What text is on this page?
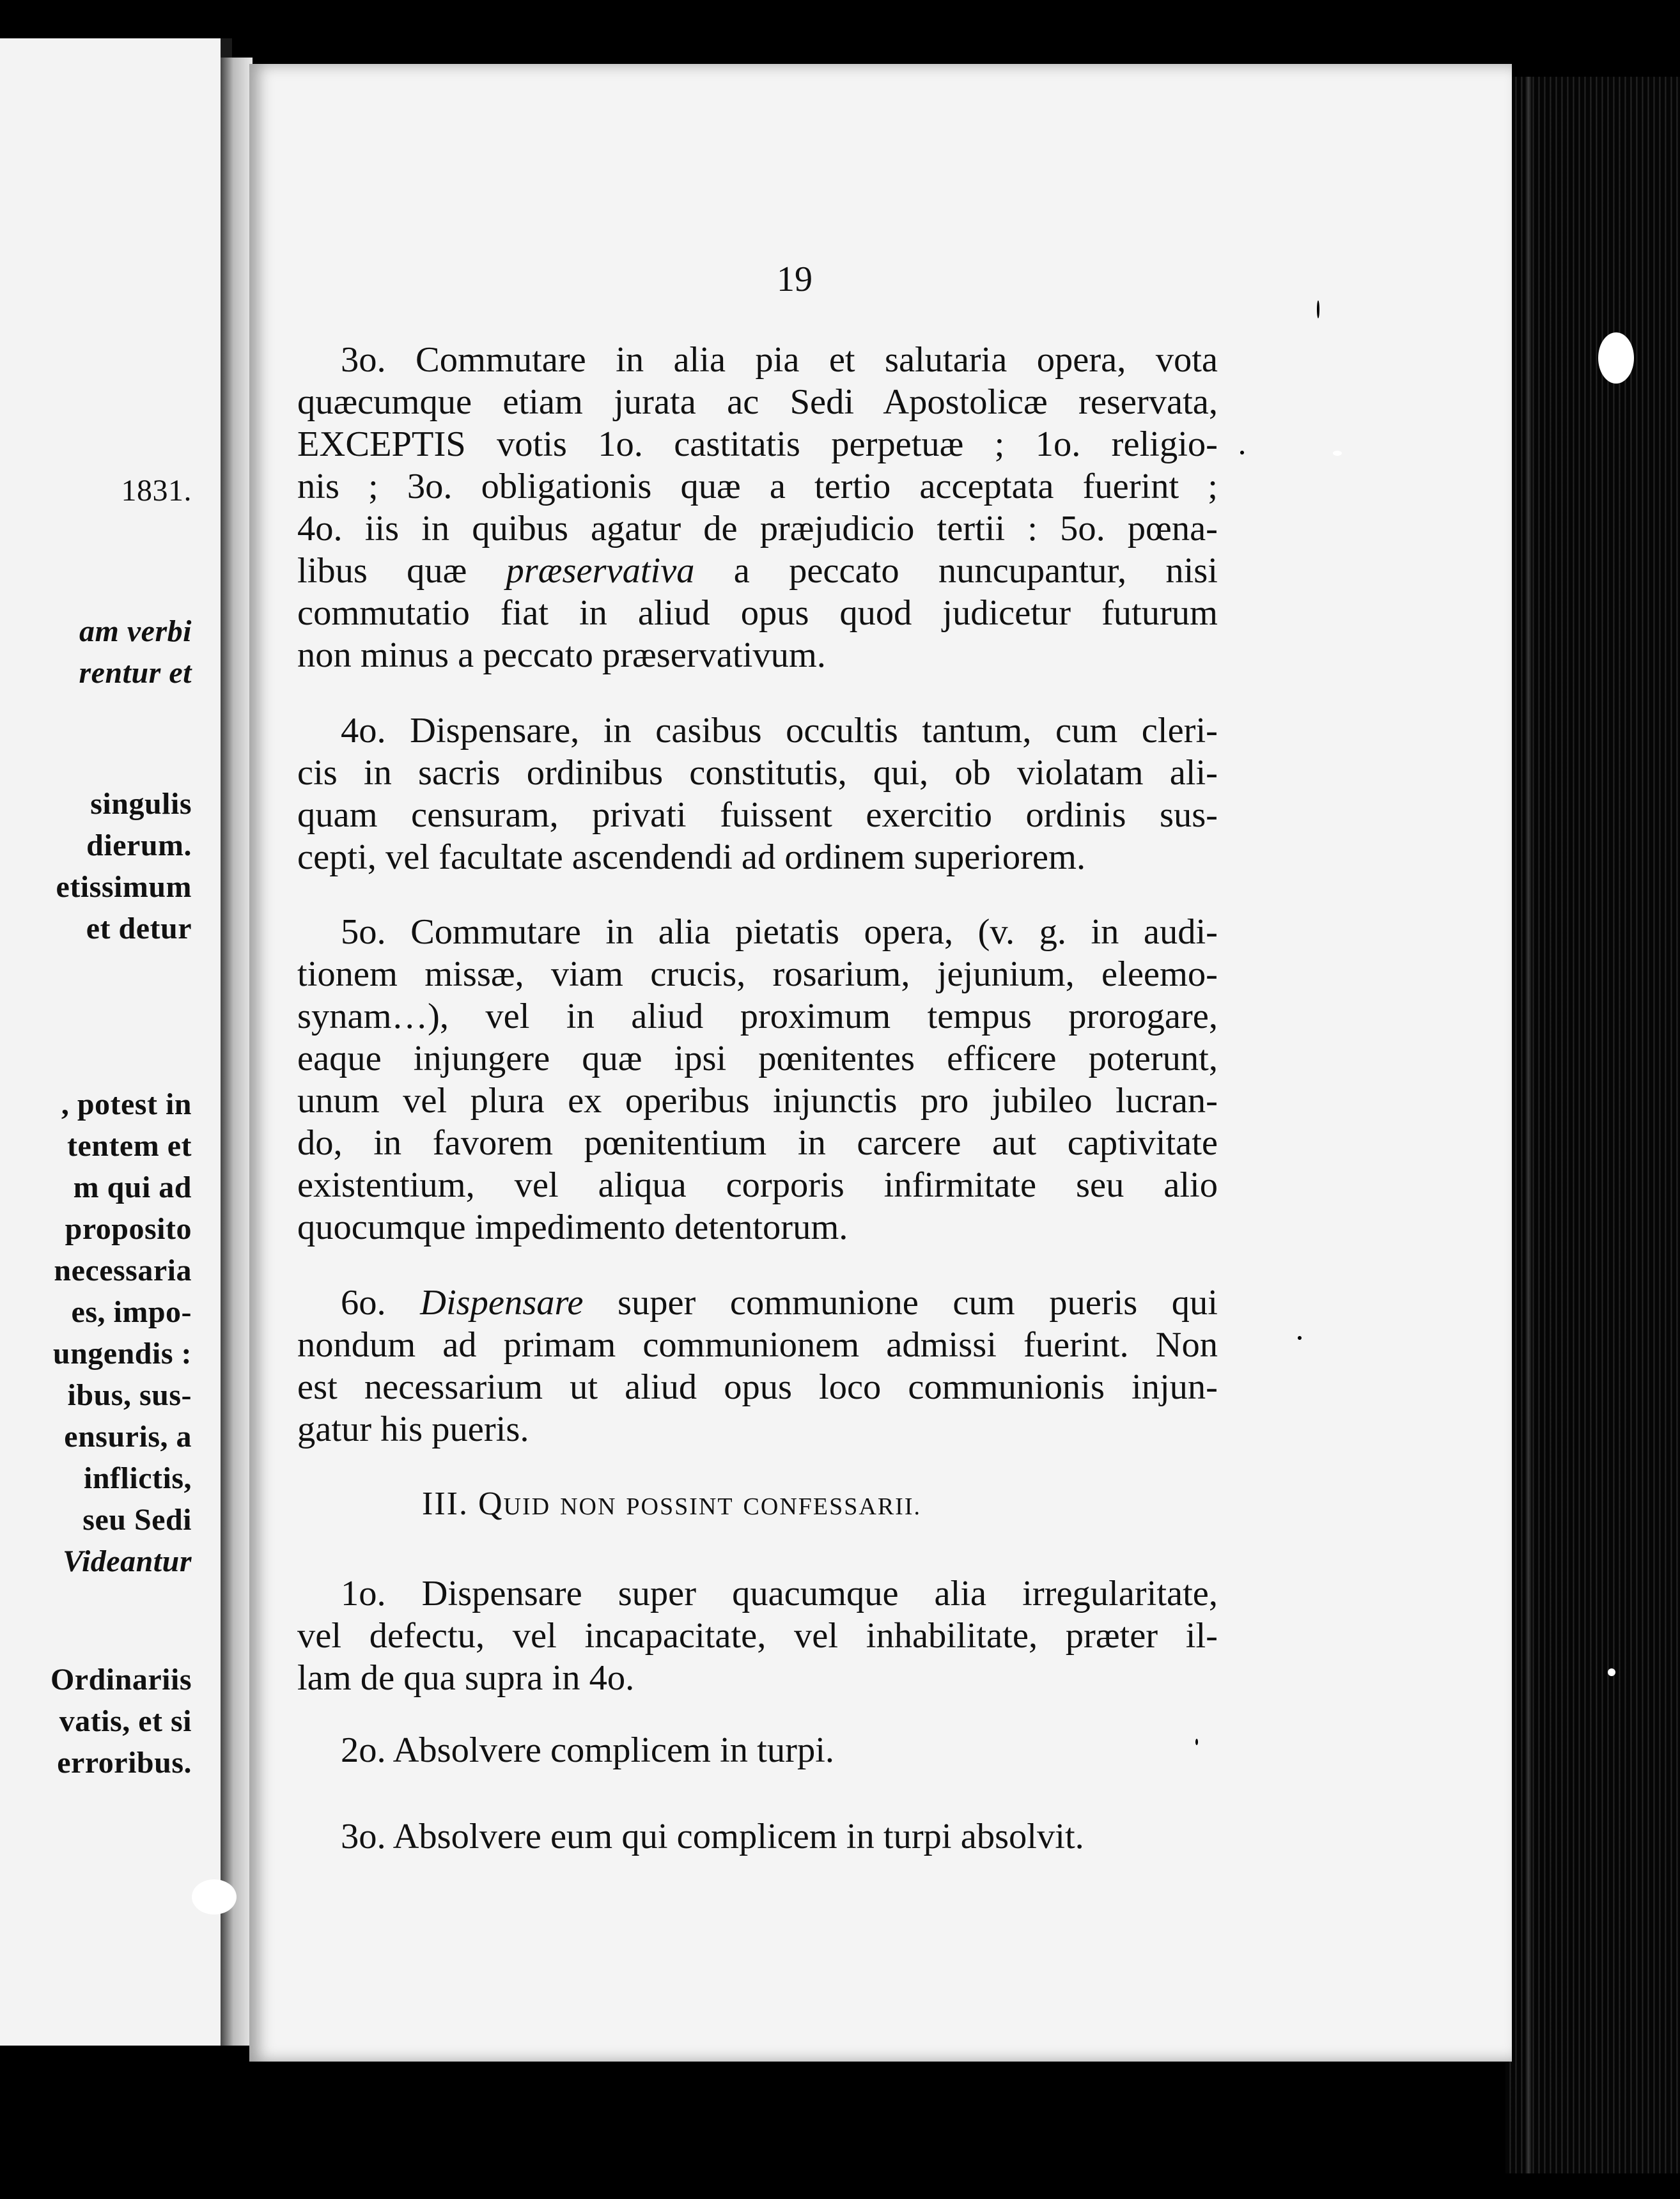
1831.
am verbi
rentur et
singulis
dierum.
etissimum
et detur
, potest in
tentem et
m qui ad
proposito
necessaria
es, impo-
ungendis :
ibus, sus-
ensuris, a
inflictis,
seu Sedi
Videantur
Ordinariis
vatis, et si
erroribus.
19

3o. Commutare in alia pia et salutaria opera, vota

quæcumque etiam jurata ac Sedi Apostolicæ reservata,

EXCEPTIS votis 1o. castitatis perpetuæ ; 1o. religio-

nis ; 3o. obligationis quæ a tertio acceptata fuerint ;

4o. iis in quibus agatur de præjudicio tertii : 5o. pœna-

libus quæ præservativa a peccato nuncupantur, nisi

commutatio fiat in aliud opus quod judicetur futurum

non minus a peccato præservativum.

4o. Dispensare, in casibus occultis tantum, cum cleri-

cis in sacris ordinibus constitutis, qui, ob violatam ali-

quam censuram, privati fuissent exercitio ordinis sus-

cepti, vel facultate ascendendi ad ordinem superiorem.

5o. Commutare in alia pietatis opera, (v. g. in audi-

tionem missæ, viam crucis, rosarium, jejunium, eleemo-

synam…), vel in aliud proximum tempus prorogare,

eaque injungere quæ ipsi pœnitentes efficere poterunt,

unum vel plura ex operibus injunctis pro jubileo lucran-

do, in favorem pœnitentium in carcere aut captivitate

existentium, vel aliqua corporis infirmitate seu alio

quocumque impedimento detentorum.

6o. Dispensare super communione cum pueris qui

nondum ad primam communionem admissi fuerint. Non

est necessarium ut aliud opus loco communionis injun-

gatur his pueris.

1o. Dispensare super quacumque alia irregularitate,

vel defectu, vel incapacitate, vel inhabilitate, præter il-

lam de qua supra in 4o.

2o. Absolvere complicem in turpi.

3o. Absolvere eum qui complicem in turpi absolvit.

III. QUID NON POSSINT CONFESSARII.
